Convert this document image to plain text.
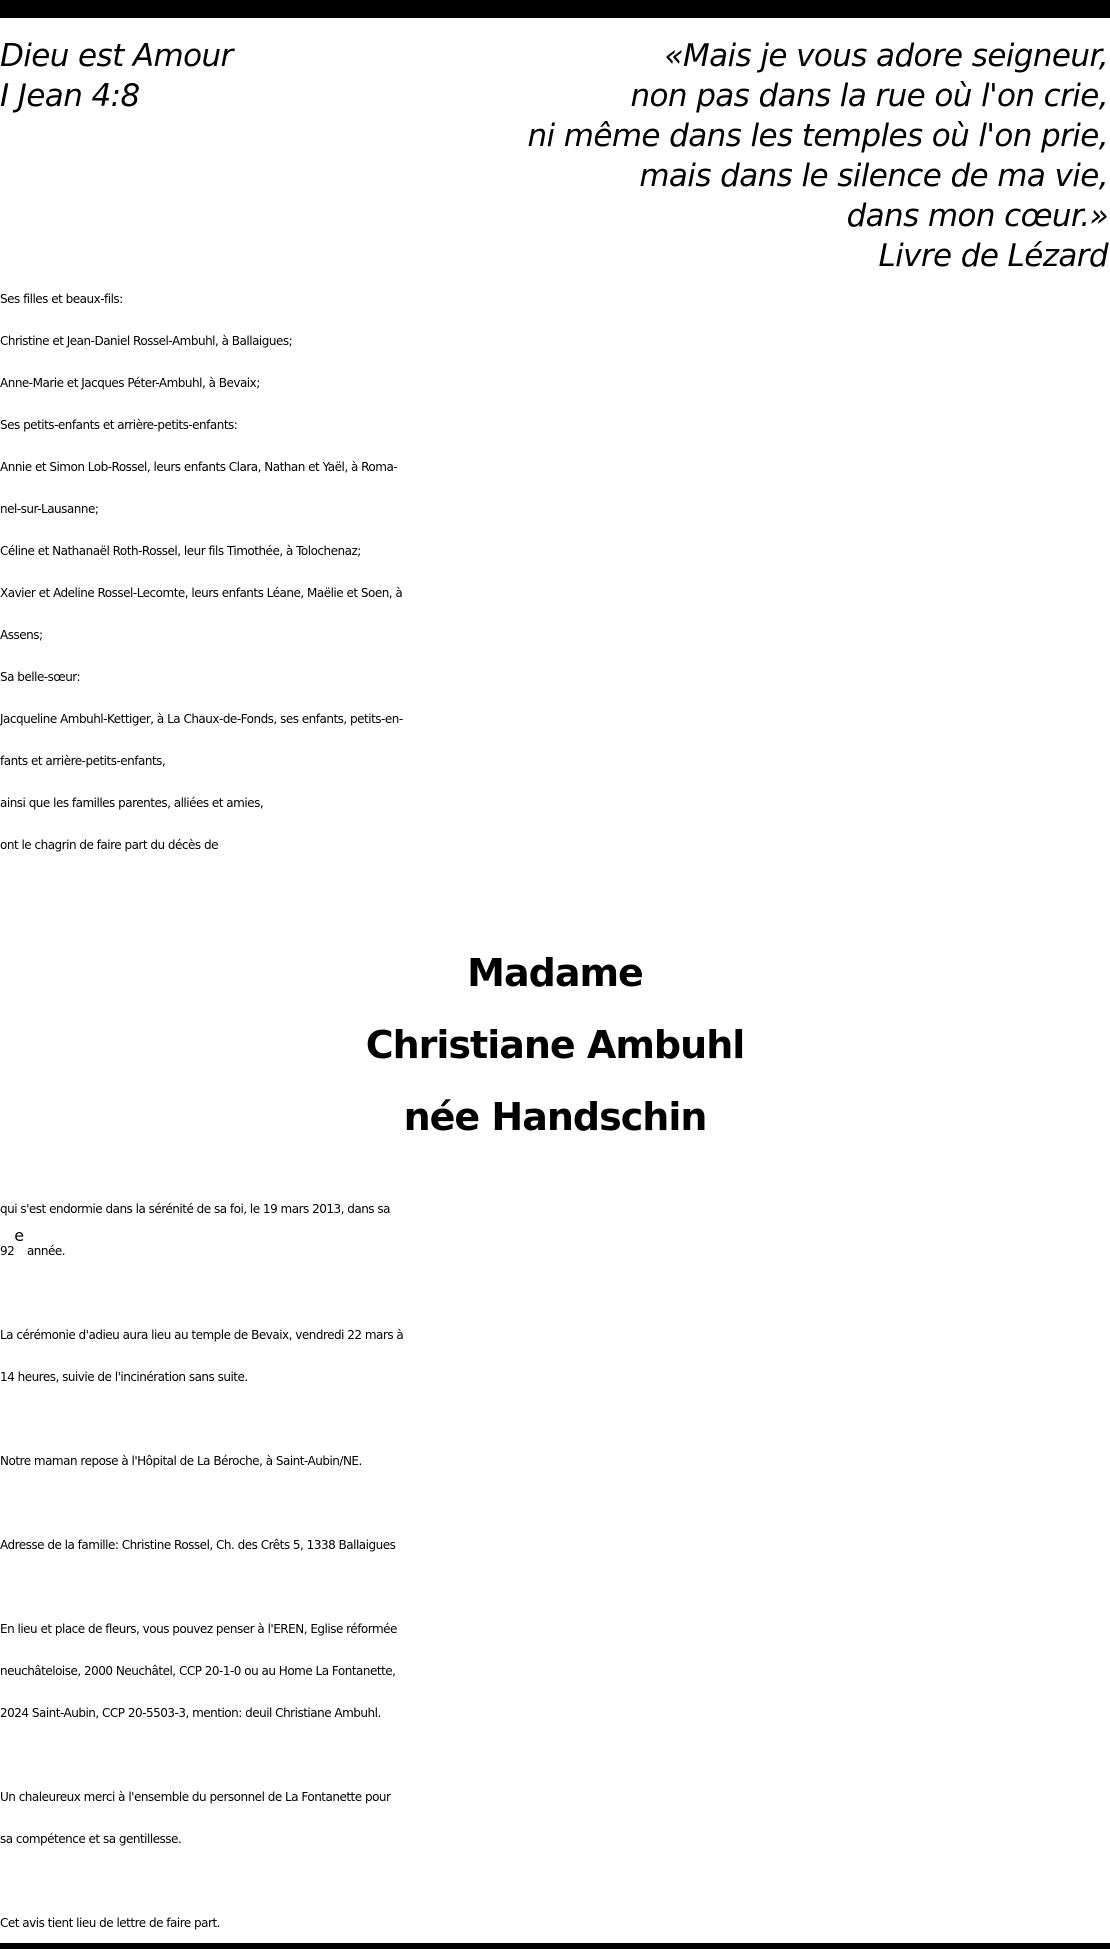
Dieu est Amour
I Jean 4:8
«Mais je vous adore seigneur,
non pas dans la rue où l'on crie,
ni même dans les temples où l'on prie,
mais dans le silence de ma vie,
dans mon cœur.»
Livre de Lézard
Ses filles et beaux-fils:
Christine et Jean-Daniel Rossel-Ambuhl, à Ballaigues;
Anne-Marie et Jacques Péter-Ambuhl, à Bevaix;
Ses petits-enfants et arrière-petits-enfants:
Annie et Simon Lob-Rossel, leurs enfants Clara, Nathan et Yaël, à Roma-
nel-sur-Lausanne;
Céline et Nathanaël Roth-Rossel, leur fils Timothée, à Tolochenaz;
Xavier et Adeline Rossel-Lecomte, leurs enfants Léane, Maëlie et Soen, à
Assens;
Sa belle-sœur:
Jacqueline Ambuhl-Kettiger, à La Chaux-de-Fonds, ses enfants, petits-en-
fants et arrière-petits-enfants,
ainsi que les familles parentes, alliées et amies,
ont le chagrin de faire part du décès de
Madame
Christiane Ambuhl
née Handschin
qui s'est endormie dans la sérénité de sa foi, le 19 mars 2013, dans sa
92e année.
La cérémonie d'adieu aura lieu au temple de Bevaix, vendredi 22 mars à
14 heures, suivie de l'incinération sans suite.
Notre maman repose à l'Hôpital de La Béroche, à Saint-Aubin/NE.
Adresse de la famille: Christine Rossel, Ch. des Crêts 5, 1338 Ballaigues
En lieu et place de fleurs, vous pouvez penser à l'EREN, Eglise réformée
neuchâteloise, 2000 Neuchâtel, CCP 20-1-0 ou au Home La Fontanette,
2024 Saint-Aubin, CCP 20-5503-3, mention: deuil Christiane Ambuhl.
Un chaleureux merci à l'ensemble du personnel de La Fontanette pour
sa compétence et sa gentillesse.
Cet avis tient lieu de lettre de faire part.
